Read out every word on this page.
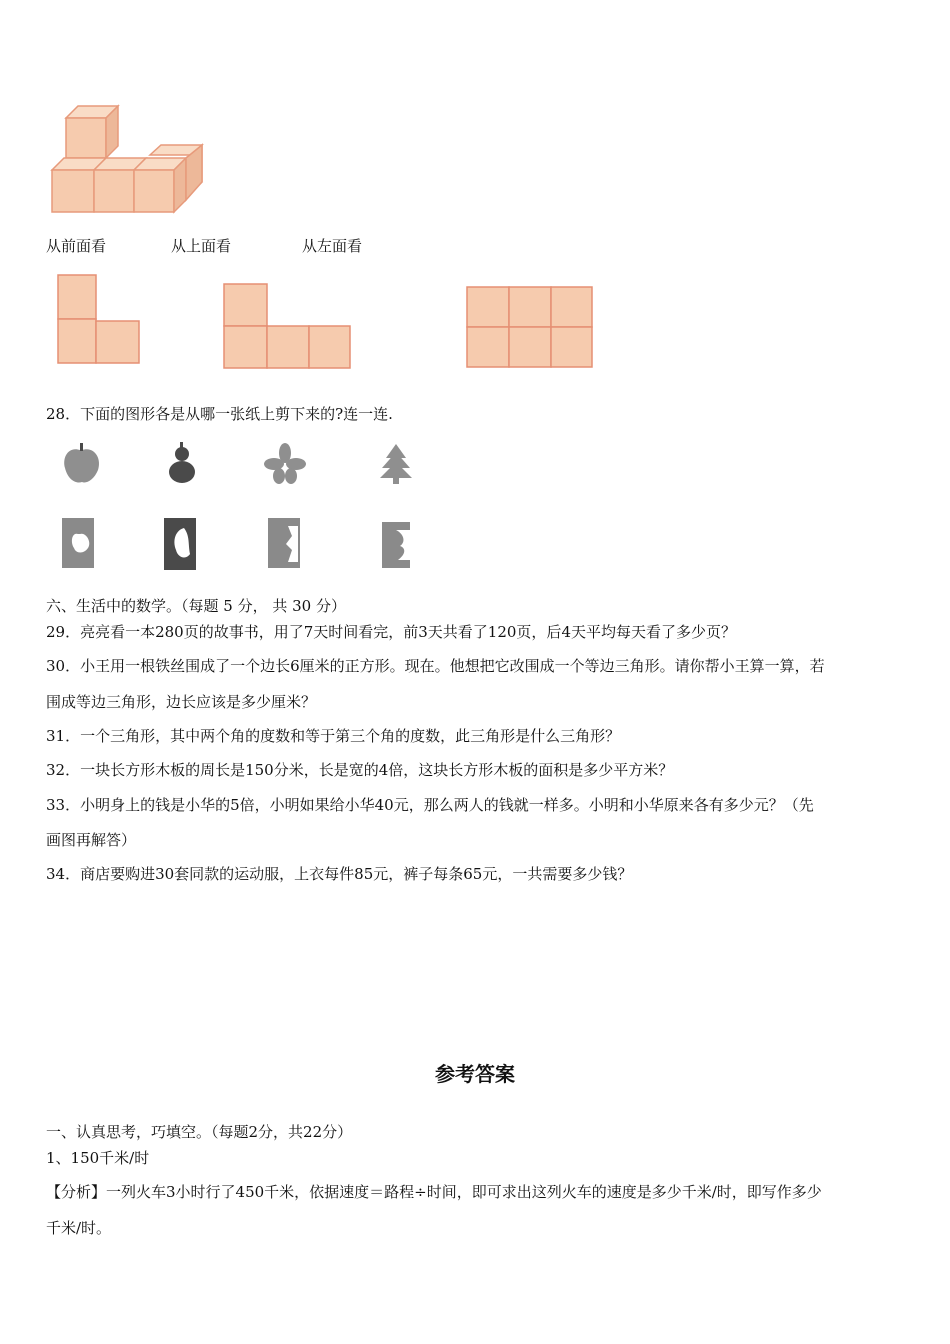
从前面看	从上面看	从左面看
28．下面的图形各是从哪一张纸上剪下来的?连一连.
六、生活中的数学。（每题 5 分， 共 30 分）
29．亮亮看一本280页的故事书，用了7天时间看完，前3天共看了120页，后4天平均每天看了多少页？
30．小王用一根铁丝围成了一个边长6厘米的正方形。现在。他想把它改围成一个等边三角形。请你帮小王算一算，若
围成等边三角形，边长应该是多少厘米？
31．一个三角形，其中两个角的度数和等于第三个角的度数，此三角形是什么三角形？
32．一块长方形木板的周长是150分米，长是宽的4倍，这块长方形木板的面积是多少平方米？
33．小明身上的钱是小华的5倍，小明如果给小华40元，那么两人的钱就一样多。小明和小华原来各有多少元？（先
画图再解答）
34．商店要购进30套同款的运动服，上衣每件85元，裤子每条65元，一共需要多少钱？
参考答案
一、认真思考，巧填空。（每题2分，共22分）
1、150千米/时
【分析】一列火车3小时行了450千米，依据速度＝路程÷时间，即可求出这列火车的速度是多少千米/时，即写作多少
千米/时。
